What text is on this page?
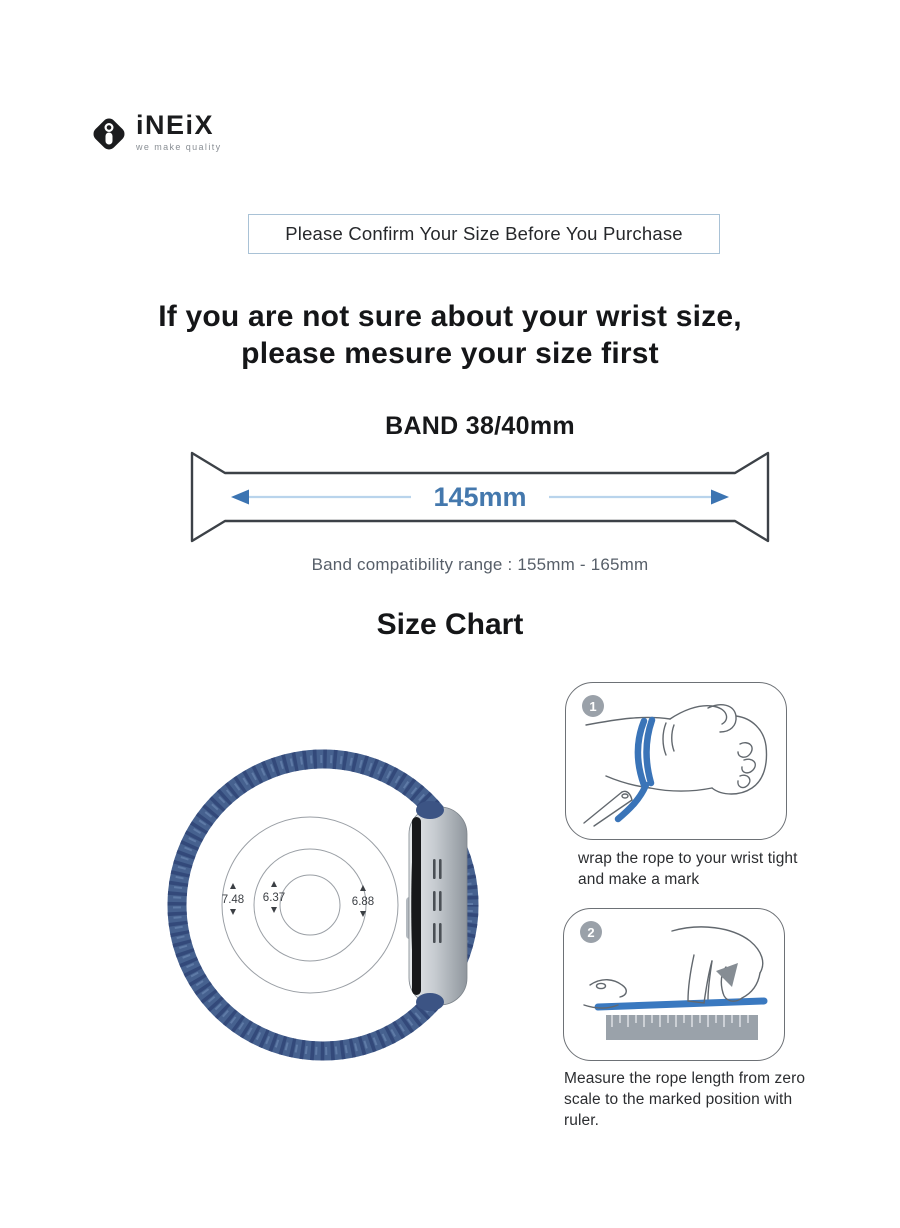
iNEiX
we make quality
Please Confirm Your Size Before You Purchase
If you are not sure about your wrist size,
please mesure your size first
BAND 38/40mm
145mm
Band compatibility range : 155mm - 165mm
Size Chart
7.48 6.37	6.88
1
wrap the rope to your wrist tight and make a mark
2
Measure the rope length from zero scale to the marked position with ruler.
